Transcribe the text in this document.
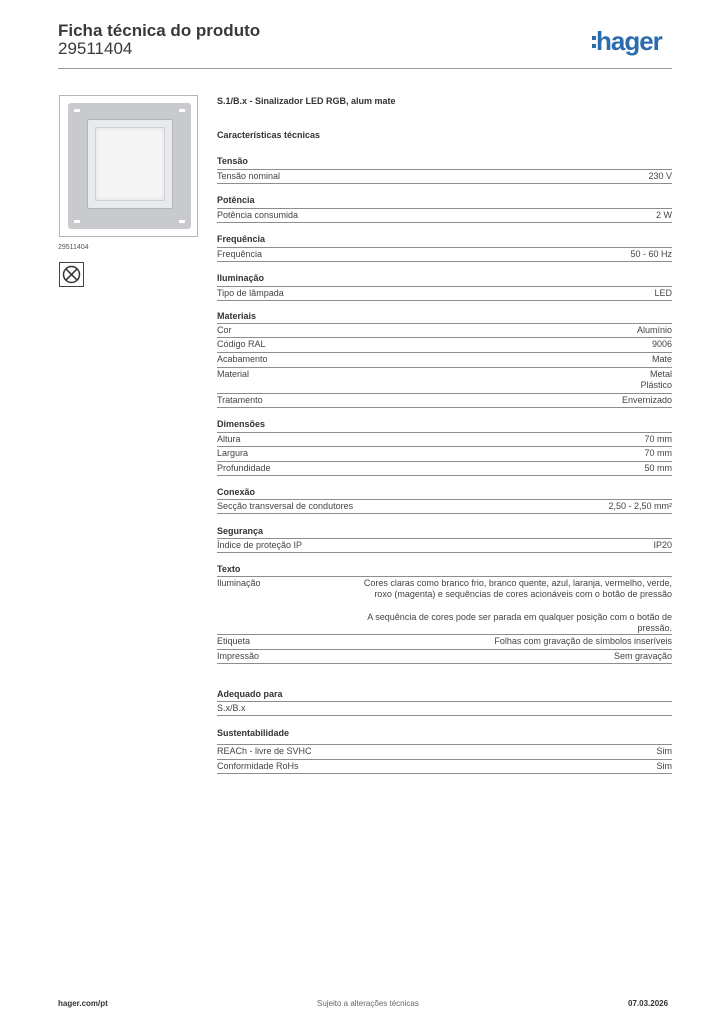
Ficha técnica do produto
29511404	hager
29511404
S.1/B.x - Sinalizador LED RGB, alum mate
Características técnicas
Tensão
Tensão nominal	230 V
Potência
Potência consumida	2 W
Frequência
Frequência	50 - 60 Hz
Iluminação
Tipo de lâmpada	LED
Materiais
Cor	Alumínio
Código RAL	9006
Acabamento	Mate
Material	Metal
Plástico
Tratamento	Envernizado
Dimensões
Altura	70 mm
Largura	70 mm
Profundidade	50 mm
Conexão
Secção transversal de condutores	2,50 - 2,50 mm²
Segurança
Índice de proteção IP	IP20
Texto
Iluminação	Cores claras como branco frio, branco quente, azul, laranja, vermelho, verde, roxo (magenta) e sequências de cores acionáveis com o botão de pressão
A sequência de cores pode ser parada em qualquer posição com o botão de pressão.
Etiqueta	Folhas com gravação de símbolos inseríveis
Impressão	Sem gravação
Adequado para
S.x/B.x
Sustentabilidade
REACh - livre de SVHC	Sim
Conformidade RoHs	Sim
hager.com/pt	Sujeito a alterações técnicas	07.03.2026
